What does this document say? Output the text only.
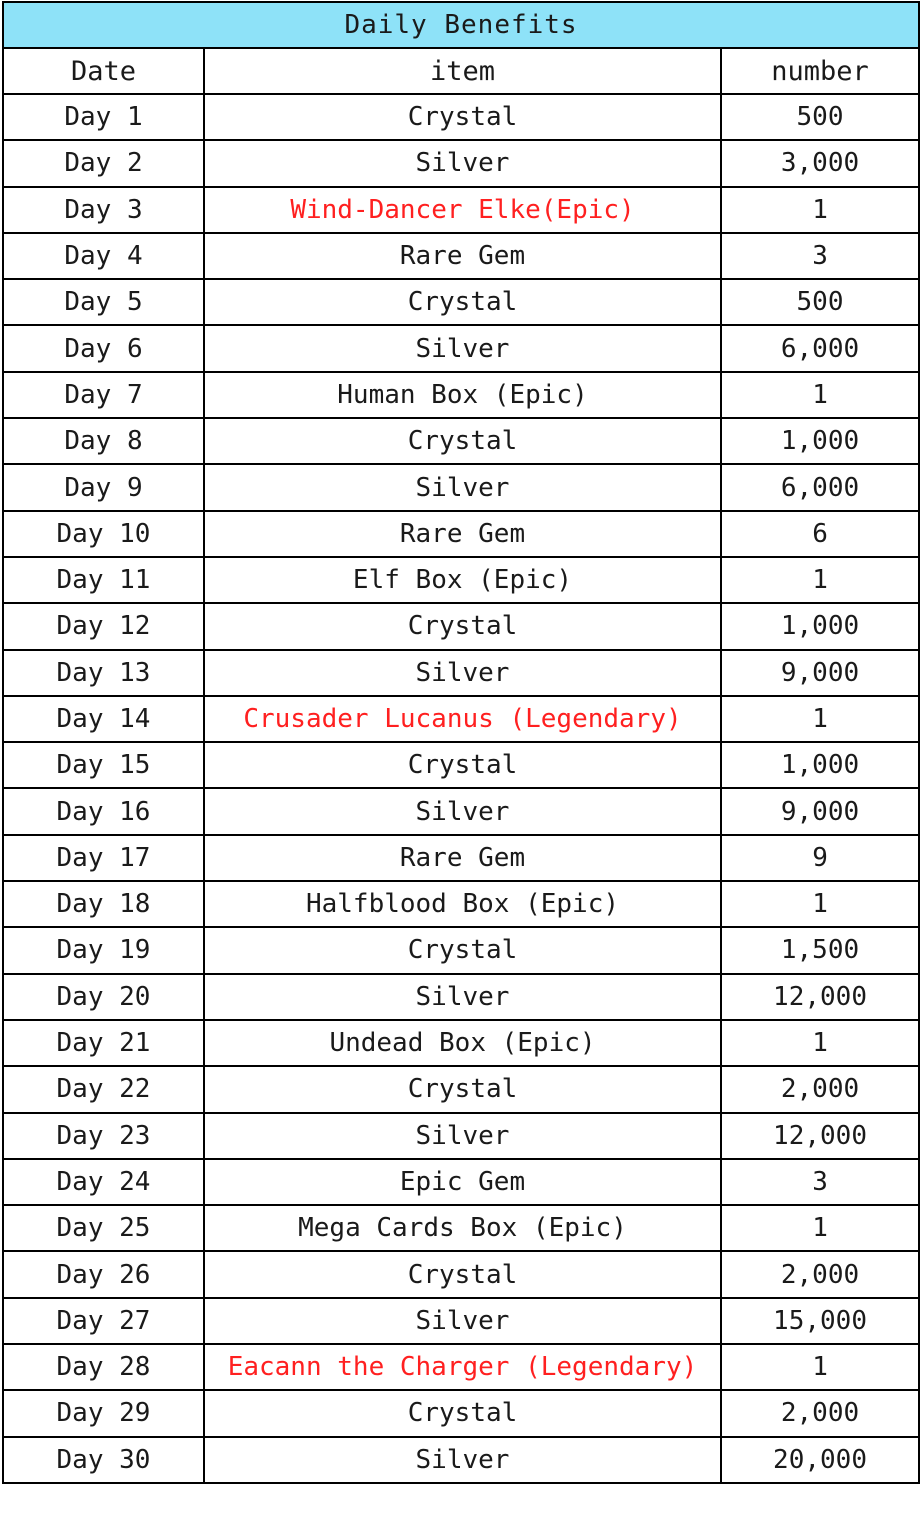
Daily Benefits		
Date	item	number
Day 1	Crystal	500
Day 2	Silver	3,000
Day 3	Wind-Dancer Elke(Epic)	1
Day 4	Rare Gem	3
Day 5	Crystal	500
Day 6	Silver	6,000
Day 7	Human Box (Epic)	1
Day 8	Crystal	1,000
Day 9	Silver	6,000
Day 10	Rare Gem	6
Day 11	Elf Box (Epic)	1
Day 12	Crystal	1,000
Day 13	Silver	9,000
Day 14	Crusader Lucanus (Legendary)	1
Day 15	Crystal	1,000
Day 16	Silver	9,000
Day 17	Rare Gem	9
Day 18	Halfblood Box (Epic)	1
Day 19	Crystal	1,500
Day 20	Silver	12,000
Day 21	Undead Box (Epic)	1
Day 22	Crystal	2,000
Day 23	Silver	12,000
Day 24	Epic Gem	3
Day 25	Mega Cards Box (Epic)	1
Day 26	Crystal	2,000
Day 27	Silver	15,000
Day 28	Eacann the Charger (Legendary)	1
Day 29	Crystal	2,000
Day 30	Silver	20,000
